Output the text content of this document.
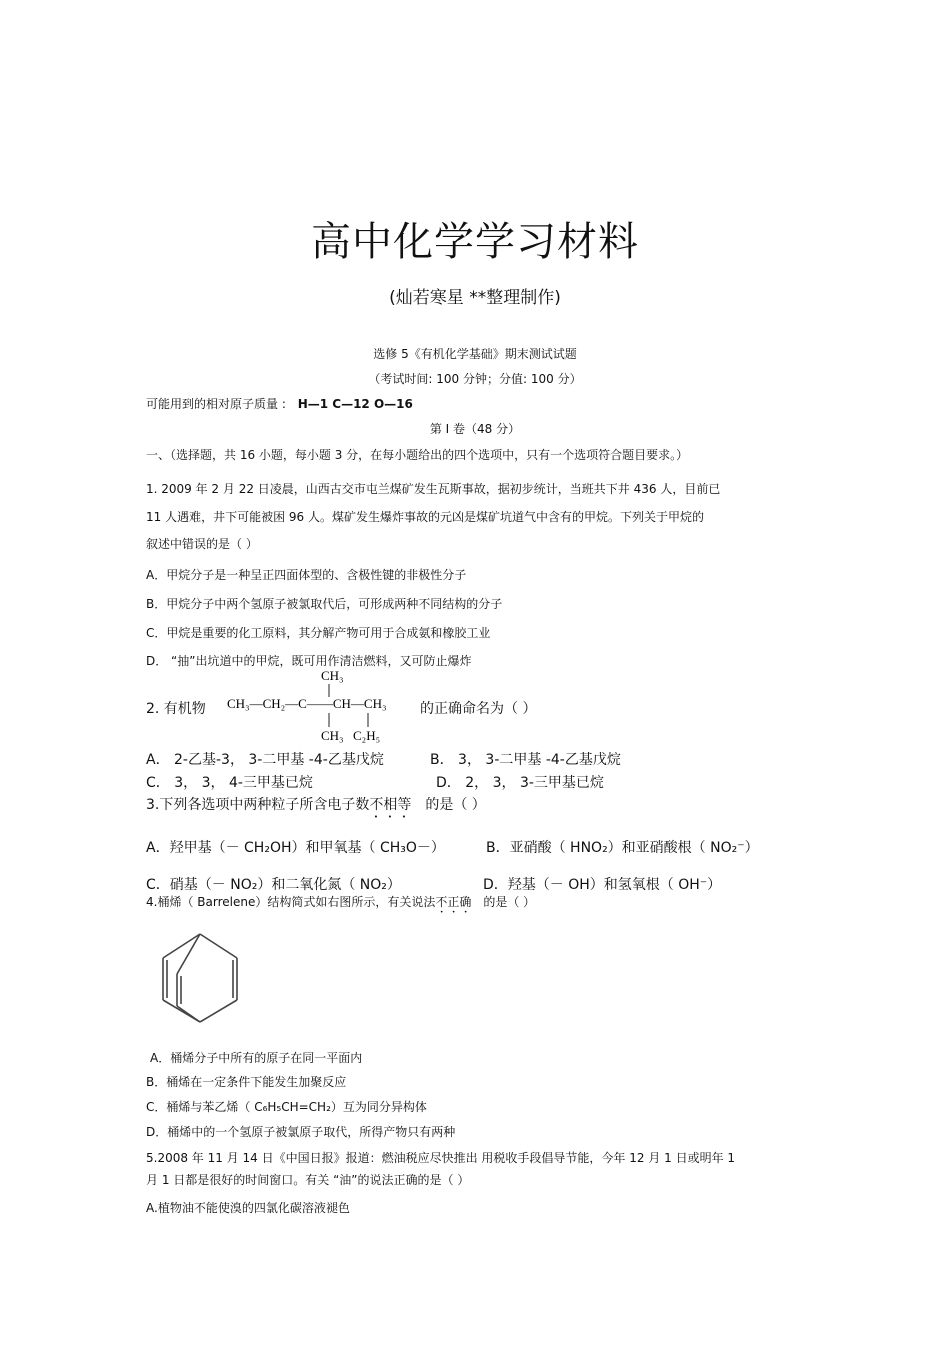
高中化学学习材料
(灿若寒星 **整理制作)
选修 5《有机化学基础》期末测试试题
（考试时间: 100 分钟；分值: 100 分）
可能用到的相对原子质量 : H—1 C—12 O—16
第 Ⅰ 卷（48 分）
一、（选择题，共 16 小题，每小题 3 分，在每小题给出的四个选项中，只有一个选项符合题目要求。）
1. 2009 年 2 月 22 日凌晨，山西古交市屯兰煤矿发生瓦斯事故，据初步统计，当班共下井 436 人，目前已
11 人遇难，井下可能被困 96 人。煤矿发生爆炸事故的元凶是煤矿坑道气中含有的甲烷。下列关于甲烷的
叙述中错误的是（ ）
A．甲烷分子是一种呈正四面体型的、含极性键的非极性分子
B．甲烷分子中两个氢原子被氯取代后，可形成两种不同结构的分子
C．甲烷是重要的化工原料，其分解产物可用于合成氨和橡胶工业
D． “抽”出坑道中的甲烷，既可用作清洁燃料，又可防止爆炸
2. 有机物
CH₃
CH₃—CH₂—C——CH—CH₃
CH₃ C₂H₅
的正确命名为（ ）
A． 2-乙基-3， 3-二甲基 -4-乙基戊烷	B． 3， 3-二甲基 -4-乙基戊烷
C． 3， 3， 4-三甲基已烷	D． 2， 3， 3-三甲基已烷
3.下列各选项中两种粒子所含电子数不相等 的是（ ）
A．羟甲基（－ CH₂OH）和甲氧基（ CH₃O－）	B．亚硝酸（ HNO₂）和亚硝酸根（ NO₂⁻）
C．硝基（－ NO₂）和二氧化氮（ NO₂）	D．羟基（－ OH）和氢氧根（ OH⁻）
4.桶烯（ Barrelene）结构简式如右图所示，有关说法不正确 的是（ ）
A．桶烯分子中所有的原子在同一平面内
B．桶烯在一定条件下能发生加聚反应
C．桶烯与苯乙烯（ C₆H₅CH=CH₂）互为同分异构体
D．桶烯中的一个氢原子被氯原子取代，所得产物只有两种
5.2008 年 11 月 14 日《中国日报》报道：燃油税应尽快推出 用税收手段倡导节能，今年 12 月 1 日或明年 1
月 1 日都是很好的时间窗口。有关 “油”的说法正确的是（ ）
A.植物油不能使溴的四氯化碳溶液褪色
